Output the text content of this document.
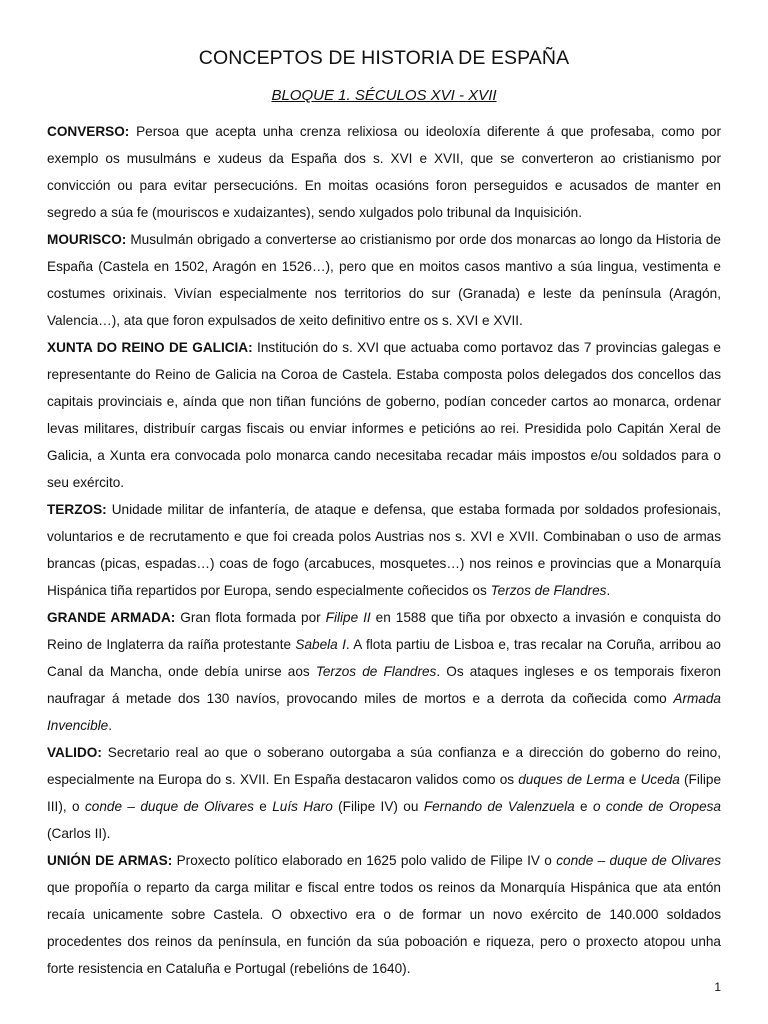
CONCEPTOS DE HISTORIA DE ESPAÑA
BLOQUE 1. SÉCULOS XVI - XVII

CONVERSO: Persoa que acepta unha crenza relixiosa ou ideoloxía diferente á que profesaba, como por exemplo os musulmáns e xudeus da España dos s. XVI e XVII, que se converteron ao cristianismo por convicción ou para evitar persecucións. En moitas ocasións foron perseguidos e acusados de manter en segredo a súa fe (mouriscos e xudaizantes), sendo xulgados polo tribunal da Inquisición.

MOURISCO: Musulmán obrigado a converterse ao cristianismo por orde dos monarcas ao longo da Historia de España (Castela en 1502, Aragón en 1526…), pero que en moitos casos mantivo a súa lingua, vestimenta e costumes orixinais. Vivían especialmente nos territorios do sur (Granada) e leste da península (Aragón, Valencia…), ata que foron expulsados de xeito definitivo entre os s. XVI e XVII.

XUNTA DO REINO DE GALICIA: Institución do s. XVI que actuaba como portavoz das 7 provincias galegas e representante do Reino de Galicia na Coroa de Castela. Estaba composta polos delegados dos concellos das capitais provinciais e, aínda que non tiñan funcións de goberno, podían conceder cartos ao monarca, ordenar levas militares, distribuír cargas fiscais ou enviar informes e peticións ao rei. Presidida polo Capitán Xeral de Galicia, a Xunta era convocada polo monarca cando necesitaba recadar máis impostos e/ou soldados para o seu exército.

TERZOS: Unidade militar de infantería, de ataque e defensa, que estaba formada por soldados profesionais, voluntarios e de recrutamento e que foi creada polos Austrias nos s. XVI e XVII. Combinaban o uso de armas brancas (picas, espadas…) coas de fogo (arcabuces, mosquetes…) nos reinos e provincias que a Monarquía Hispánica tiña repartidos por Europa, sendo especialmente coñecidos os Terzos de Flandres.

GRANDE ARMADA: Gran flota formada por Filipe II en 1588 que tiña por obxecto a invasión e conquista do Reino de Inglaterra da raíña protestante Sabela I. A flota partiu de Lisboa e, tras recalar na Coruña, arribou ao Canal da Mancha, onde debía unirse aos Terzos de Flandres. Os ataques ingleses e os temporais fixeron naufragar á metade dos 130 navíos, provocando miles de mortos e a derrota da coñecida como Armada Invencible.

VALIDO: Secretario real ao que o soberano outorgaba a súa confianza e a dirección do goberno do reino, especialmente na Europa do s. XVII. En España destacaron validos como os duques de Lerma e Uceda (Filipe III), o conde – duque de Olivares e Luís Haro (Filipe IV) ou Fernando de Valenzuela e o conde de Oropesa (Carlos II).

UNIÓN DE ARMAS: Proxecto político elaborado en 1625 polo valido de Filipe IV o conde – duque de Olivares que propoñía o reparto da carga militar e fiscal entre todos os reinos da Monarquía Hispánica que ata entón recaía unicamente sobre Castela. O obxectivo era o de formar un novo exército de 140.000 soldados procedentes dos reinos da península, en función da súa poboación e riqueza, pero o proxecto atopou unha forte resistencia en Cataluña e Portugal (rebelións de 1640).

1
